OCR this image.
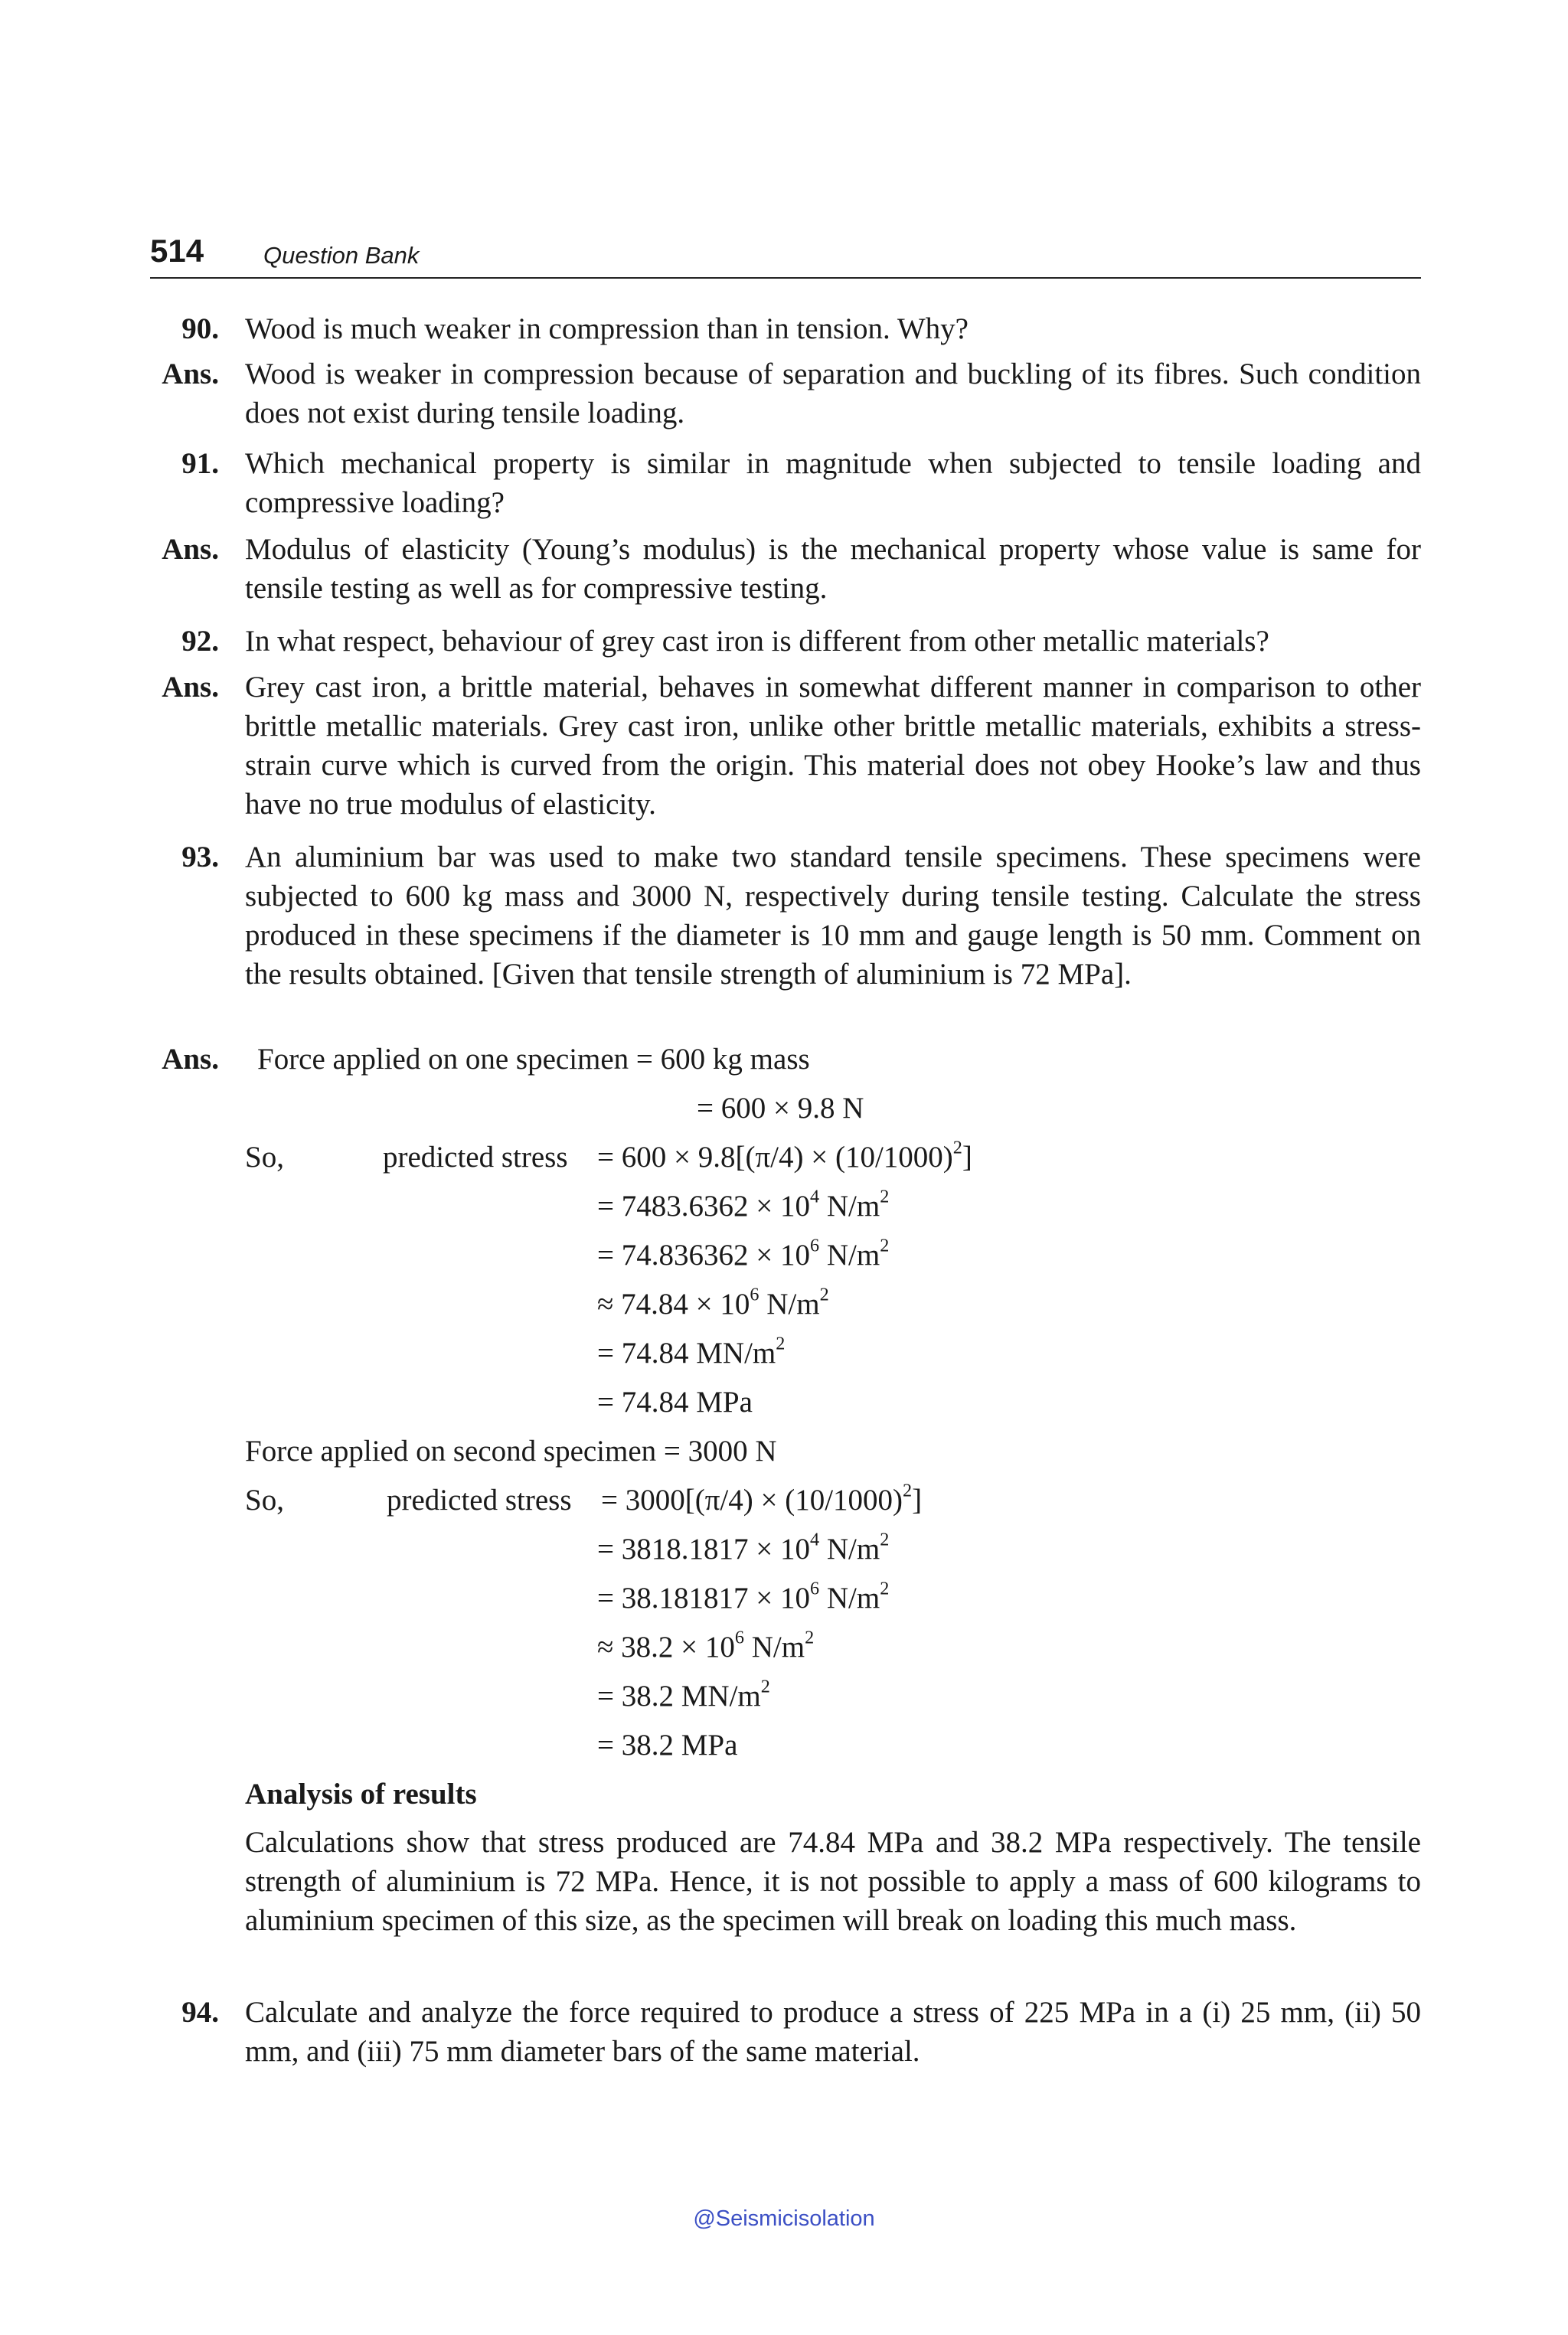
514	Question Bank
90. Wood is much weaker in compression than in tension. Why?
Ans. Wood is weaker in compression because of separation and buckling of its fibres. Such condition does not exist during tensile loading.
91. Which mechanical property is similar in magnitude when subjected to tensile loading and compressive loading?
Ans. Modulus of elasticity (Young’s modulus) is the mechanical property whose value is same for tensile testing as well as for compressive testing.
92. In what respect, behaviour of grey cast iron is different from other metallic materials?
Ans. Grey cast iron, a brittle material, behaves in somewhat different manner in comparison to other brittle metallic materials. Grey cast iron, unlike other brittle metallic materials, exhibits a stress-strain curve which is curved from the origin. This material does not obey Hooke’s law and thus have no true modulus of elasticity.
93. An aluminium bar was used to make two standard tensile specimens. These specimens were subjected to 600 kg mass and 3000 N, respectively during tensile testing. Calculate the stress produced in these specimens if the diameter is 10 mm and gauge length is 50 mm. Comment on the results obtained. [Given that tensile strength of aluminium is 72 MPa].
Ans. Force applied on one specimen = 600 kg mass
= 600 × 9.8 N
So,	predicted stress = $600 \times 9.8[(\pi/4) \times (10/1000)^2]$
= $7483.6362 \times 10^4$ $N/m^2$
= $74.836362 \times 10^6$ $N/m^2$
≈ $74.84 \times 10^6$ $N/m^2$
= 74.84 $MN/m^2$
= 74.84 MPa
Force applied on second specimen = 3000 N
So,	predicted stress = $3000[(\pi/4) \times (10/1000)^2]$
= $3818.1817 \times 10^4$ $N/m^2$
= $38.181817 \times 10^6$ $N/m^2$
≈ $38.2 \times 10^6$ $N/m^2$
= 38.2 $MN/m^2$
= 38.2 MPa
Analysis of results
Calculations show that stress produced are 74.84 MPa and 38.2 MPa respectively. The tensile strength of aluminium is 72 MPa. Hence, it is not possible to apply a mass of 600 kilograms to aluminium specimen of this size, as the specimen will break on loading this much mass.
94. Calculate and analyze the force required to produce a stress of 225 MPa in a (i) 25 mm, (ii) 50 mm, and (iii) 75 mm diameter bars of the same material.
@Seismicisolation
